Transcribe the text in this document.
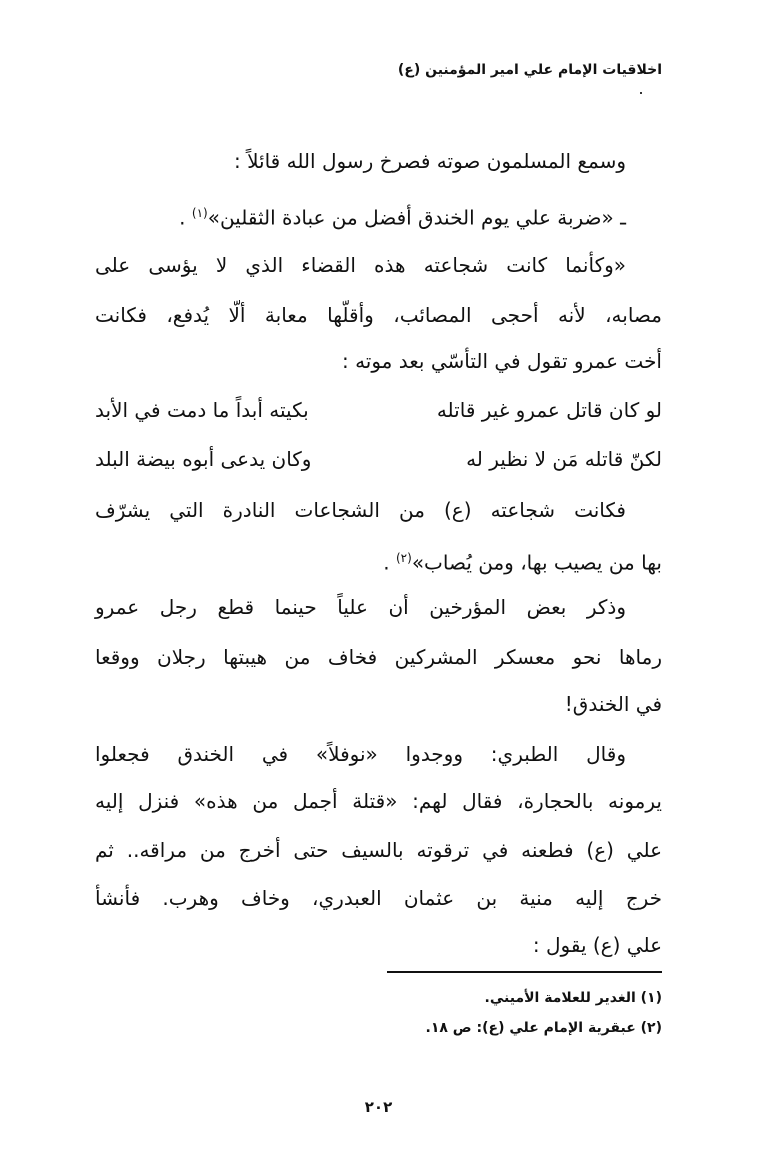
اخلاقيات الإمام علي امير المؤمنين (ع)
وسمع المسلمون صوته فصرخ رسول الله قائلاً :
ـ «ضربة علي يوم الخندق أفضل من عبادة الثقلين»$^{(١)}$ .
«وكأنما كانت شجاعته هذه القضاء الذي لا يؤسى على
مصابه، لأنه أحجى المصائب، وأقلّها معابة ألّا يُدفع، فكانت
أخت عمرو تقول في التأسّي بعد موته :
لو كان قاتل عمرو غير قاتله
بكيته أبداً ما دمت في الأبد
لكنّ قاتله مَن لا نظير له
وكان يدعى أبوه بيضة البلد
فكانت شجاعته (ع) من الشجاعات النادرة التي يشرّف
بها من يصيب بها، ومن يُصاب»$^{(٢)}$ .
وذكر بعض المؤرخين أن علياً حينما قطع رجل عمرو
رماها نحو معسكر المشركين فخاف من هيبتها رجلان ووقعا
في الخندق!
وقال الطبري: ووجدوا «نوفلاً» في الخندق فجعلوا
يرمونه بالحجارة، فقال لهم: «قتلة أجمل من هذه» فنزل إليه
علي (ع) فطعنه في ترقوته بالسيف حتى أخرج من مراقه.. ثم
خرج إليه منية بن عثمان العبدري، وخاف وهرب. فأنشأ
علي (ع) يقول :
(١) الغدير للعلامة الأميني.
(٢) عبقرية الإمام علي (ع): ص ١٨.
٢٠٢
